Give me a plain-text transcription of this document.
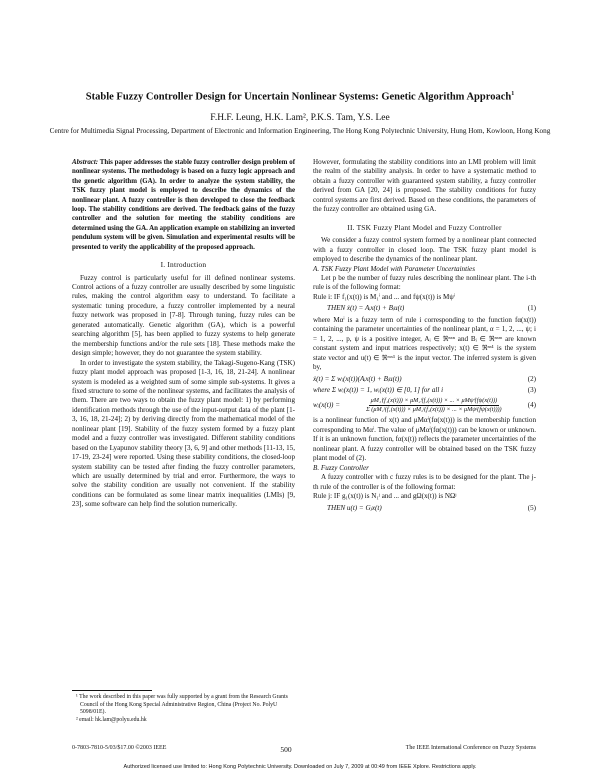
Stable Fuzzy Controller Design for Uncertain Nonlinear Systems: Genetic Algorithm Approach$^1$
F.H.F. Leung, H.K. Lam², P.K.S. Tam, Y.S. Lee
Centre for Multimedia Signal Processing, Department of Electronic and Information Engineering, The Hong Kong Polytechnic University, Hung Hom, Kowloon, Hong Kong

Abstract: This paper addresses the stable fuzzy controller design problem of nonlinear systems. The methodology is based on a fuzzy logic approach and the genetic algorithm (GA). In order to analyze the system stability, the TSK fuzzy plant model is employed to describe the dynamics of the nonlinear plant. A fuzzy controller is then developed to close the feedback loop. The stability conditions are derived. The feedback gains of the fuzzy controller and the solution for meeting the stability conditions are determined using the GA. An application example on stabilizing an inverted pendulum system will be given. Simulation and experimental results will be presented to verify the applicability of the proposed approach.

I. Introduction

Fuzzy control is particularly useful for ill defined nonlinear systems. Control actions of a fuzzy controller are usually described by some linguistic rules, making the control algorithm easy to understand. To facilitate a systematic tuning procedure, a fuzzy controller implemented by a neural fuzzy network was proposed in [7-8]. Through tuning, fuzzy rules can be generated automatically. Genetic algorithm (GA), which is a powerful searching algorithm [5], has been applied to fuzzy systems to help generate the membership functions and/or the rule sets [18]. These methods make the design simple; however, they do not guarantee the system stability.

In order to investigate the system stability, the Takagi-Sugeno-Kang (TSK) fuzzy plant model approach was proposed [1-3, 16, 18, 21-24]. A nonlinear system is modeled as a weighted sum of some simple sub-systems. It gives a fixed structure to some of the nonlinear systems, and facilitates the analysis of them. There are two ways to obtain the fuzzy plant model: 1) by performing identification methods through the use of the input-output data of the plant [1-3, 16, 18, 21-24]; 2) by deriving directly from the mathematical model of the nonlinear plant [19]. Stability of the fuzzy system formed by a fuzzy plant model and a fuzzy controller was investigated. Different stability conditions based on the Lyapunov stability theory [3, 6, 9] and other methods [11-13, 15, 17-19, 23-24] were reported. Using these stability conditions, the closed-loop system stability can be tested after finding the fuzzy controller parameters, which are usually determined by trial and error. Furthermore, the ways to solve the stability condition are usually not convenient. If the stability conditions can be formulated as some linear matrix inequalities (LMIs) [9, 23], some software can help find the solution numerically.

¹ The work described in this paper was fully supported by a grant from the Research Grants Council of the Hong Kong Special Administrative Region, China (Project No. PolyU 5098/01E).
² email: hk.lam@polyu.edu.hk

However, formulating the stability conditions into an LMI problem will limit the realm of the stability analysis. In order to have a systematic method to obtain a fuzzy controller with guaranteed system stability, a fuzzy controller derived from GA [20, 24] is proposed. The stability conditions for fuzzy control systems are first derived. Based on these conditions, the parameters of the fuzzy controller are obtained using GA.

II. TSK Fuzzy Plant Model and Fuzzy Controller

We consider a fuzzy control system formed by a nonlinear plant connected with a fuzzy controller in closed loop. The TSK fuzzy plant model is employed to describe the dynamics of the nonlinear plant.

A. TSK Fuzzy Plant Model with Parameter Uncertainties

Let p be the number of fuzzy rules describing the nonlinear plant. The i-th rule is of the following format:

Rule i: IF f₁(x(t)) is M₁ⁱ and ... and fψ(x(t)) is Mψⁱ

THEN ẋ(t) = Aᵢx(t) + Bᵢu(t)	(1)

where Mαⁱ is a fuzzy term of rule i corresponding to the function fα(x(t)) containing the parameter uncertainties of the nonlinear plant, α = 1, 2, ..., ψ; i = 1, 2, ..., p, ψ is a positive integer, Aᵢ ∈ ℜⁿˣⁿ and Bᵢ ∈ ℜⁿˣᵐ are known constant system and input matrices respectively; x(t) ∈ ℜⁿˣ¹ is the system state vector and u(t) ∈ ℜᵐˣ¹ is the input vector. The inferred system is given by,

ẋ(t) = Σ wᵢ(x(t))(Aᵢx(t) + Bᵢu(t))	(2)
where Σ wᵢ(x(t)) = 1, wᵢ(x(t)) ∈ [0, 1] for all i	(3)
wᵢ(x(t)) =	$\frac{\text{μM₁ⁱ(f₁(x(t))) × μM₂ⁱ(f₂(x(t))) × ... × μMψⁱ(fψ(x(t)))}}{\text{Σ (μM₁ʲ(f₁(x(t))) × μM₂ʲ(f₂(x(t))) × ... × μMψʲ(fψ(x(t))))}}$	(4)

is a nonlinear function of x(t) and μMαⁱ(fα(x(t))) is the membership function corresponding to Mαⁱ. The value of μMαⁱ(fα(x(t))) can be known or unknown. If it is an unknown function, fα(x(t)) reflects the parameter uncertainties of the nonlinear plant. A fuzzy controller will be obtained based on the TSK fuzzy plant model of (2).

B. Fuzzy Controller

A fuzzy controller with c fuzzy rules is to be designed for the plant. The j-th rule of the controller is of the following format:

Rule j: IF g₁(x(t)) is N₁ʲ and ... and gΩ(x(t)) is NΩʲ

THEN u(t) = Gⱼx(t)	(5)
0-7803-7810-5/03/$17.00 ©2003 IEEE	500	The IEEE International Conference on Fuzzy Systems
Authorized licensed use limited to: Hong Kong Polytechnic University. Downloaded on July 7, 2009 at 00:49 from IEEE Xplore. Restrictions apply.
